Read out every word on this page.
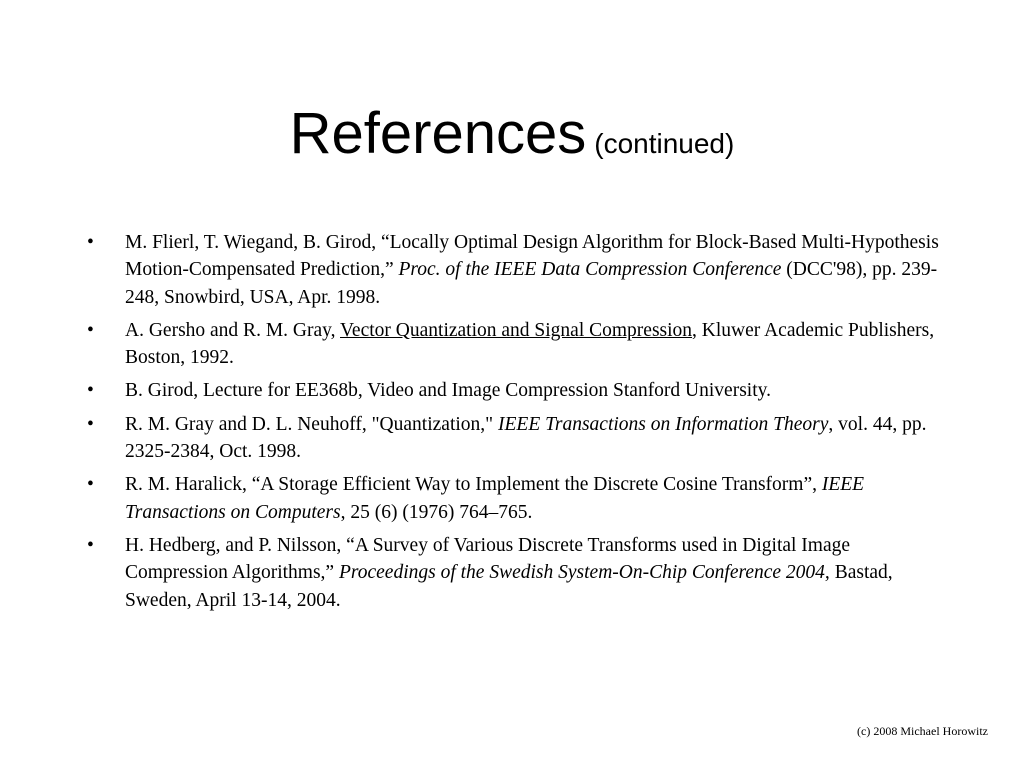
References (continued)
• M. Flierl, T. Wiegand, B. Girod, “Locally Optimal Design Algorithm for Block-Based Multi-Hypothesis Motion-Compensated Prediction,” Proc. of the IEEE Data Compression Conference (DCC'98), pp. 239-248, Snowbird, USA, Apr. 1998.
• A. Gersho and R. M. Gray, Vector Quantization and Signal Compression, Kluwer Academic Publishers, Boston, 1992.
• B. Girod, Lecture for EE368b, Video and Image Compression Stanford University.
• R. M. Gray and D. L. Neuhoff, "Quantization," IEEE Transactions on Information Theory, vol. 44, pp. 2325-2384, Oct. 1998.
• R. M. Haralick, “A Storage Efficient Way to Implement the Discrete Cosine Transform”, IEEE Transactions on Computers, 25 (6) (1976) 764–765.
• H. Hedberg, and P. Nilsson, “A Survey of Various Discrete Transforms used in Digital Image Compression Algorithms,” Proceedings of the Swedish System-On-Chip Conference 2004, Bastad, Sweden, April 13-14, 2004.
(c) 2008 Michael Horowitz
